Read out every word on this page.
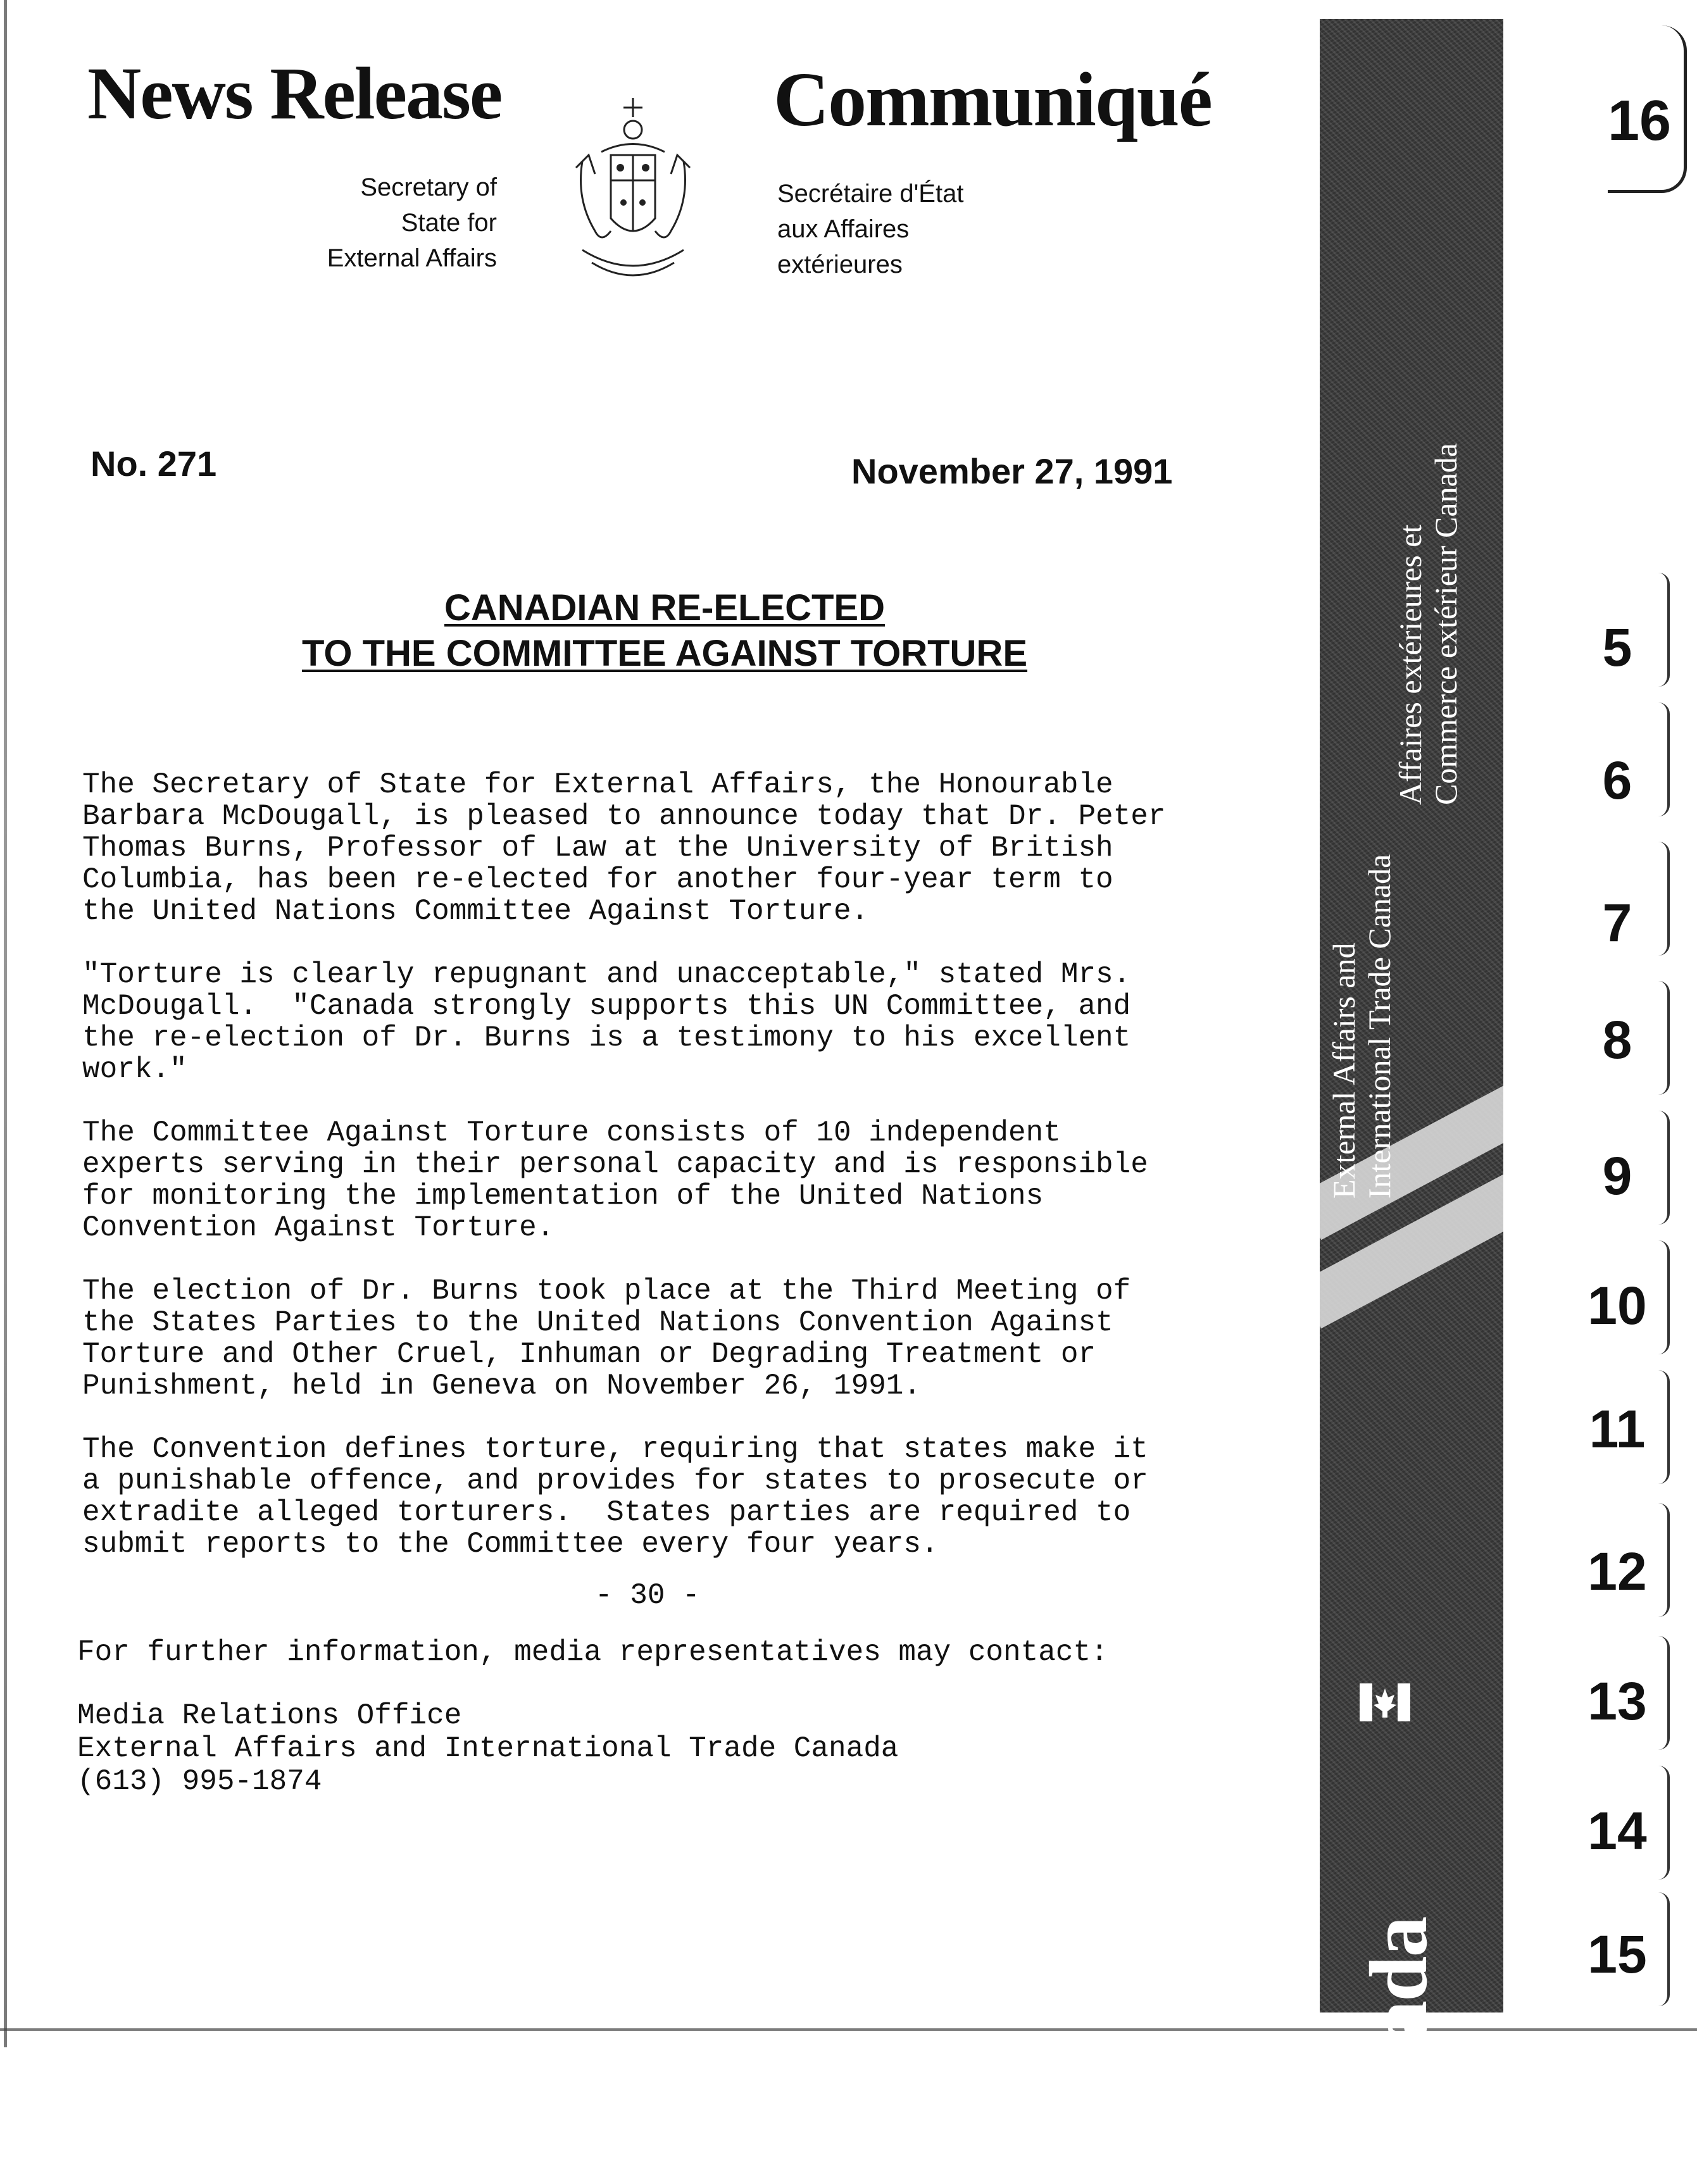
News Release	Communiqué
Secretary of
State for
External Affairs
Secrétaire d'État
aux Affaires
extérieures
No. 271	November 27, 1991
CANADIAN RE-ELECTED
TO THE COMMITTEE AGAINST TORTURE
The Secretary of State for External Affairs, the Honourable
Barbara McDougall, is pleased to announce today that Dr. Peter
Thomas Burns, Professor of Law at the University of British
Columbia, has been re-elected for another four-year term to
the United Nations Committee Against Torture.
"Torture is clearly repugnant and unacceptable," stated Mrs.
McDougall.  "Canada strongly supports this UN Committee, and
the re-election of Dr. Burns is a testimony to his excellent
work."
The Committee Against Torture consists of 10 independent
experts serving in their personal capacity and is responsible
for monitoring the implementation of the United Nations
Convention Against Torture.
The election of Dr. Burns took place at the Third Meeting of
the States Parties to the United Nations Convention Against
Torture and Other Cruel, Inhuman or Degrading Treatment or
Punishment, held in Geneva on November 26, 1991.
The Convention defines torture, requiring that states make it
a punishable offence, and provides for states to prosecute or
extradite alleged torturers.  States parties are required to
submit reports to the Committee every four years.
- 30 -
For further information, media representatives may contact:
Media Relations Office
External Affairs and International Trade Canada
(613) 995-1874
External Affairs and International Trade Canada
Affaires extérieures et Commerce extérieur Canada
Canada
16
5
6
7
8
9
10
11
12
13
14
15
